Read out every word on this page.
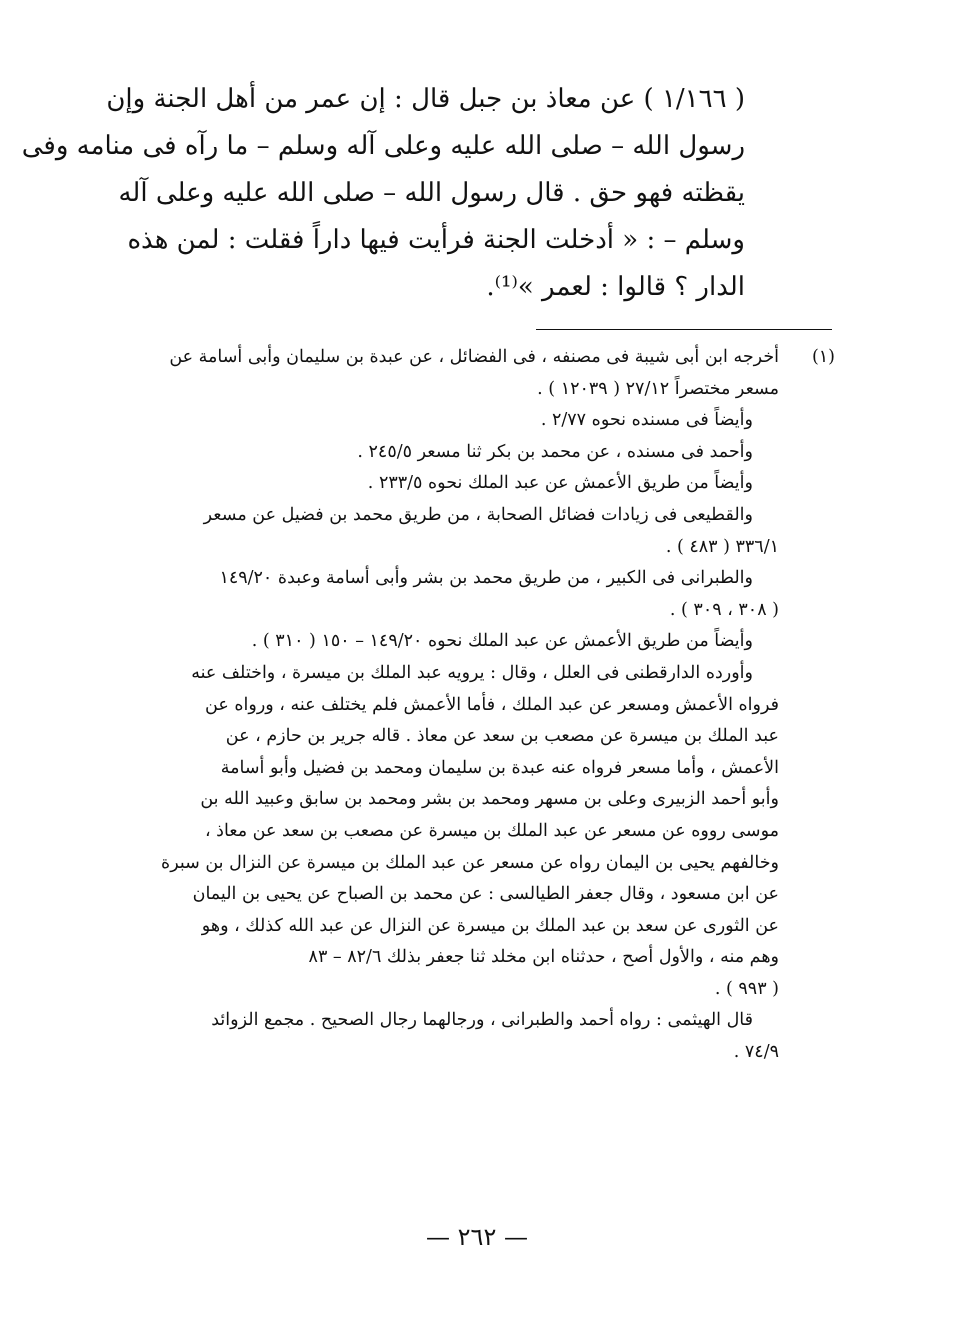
( ١/١٦٦ ) عن معاذ بن جبل قال : إن عمر من أهل الجنة وإن
رسول الله – صلى الله عليه وعلى آله وسلم – ما رآه فى منامه وفى
يقظته فهو حق . قال رسول الله – صلى الله عليه وعلى آله
وسلم – : « أدخلت الجنة فرأيت فيها داراً فقلت : لمن هذه
الدار ؟ قالوا : لعمر »⁽¹⁾.
(١)
أخرجه ابن أبى شيبة فى مصنفه ، فى الفضائل ، عن عبدة بن سليمان وأبى أسامة عن
مسعر مختصراً ٢٧/١٢ ( ١٢٠٣٩ ) .
وأيضاً فى مسنده نحوه ٢/٧٧ .
وأحمد فى مسنده ، عن محمد بن بكر ثنا مسعر ٢٤٥/٥ .
وأيضاً من طريق الأعمش عن عبد الملك نحوه ٢٣٣/٥ .
والقطيعى فى زيادات فضائل الصحابة ، من طريق محمد بن فضيل عن مسعر
٣٣٦/١ ( ٤٨٣ ) .
والطبرانى فى الكبير ، من طريق محمد بن بشر وأبى أسامة وعبدة ١٤٩/٢٠
( ٣٠٨ ، ٣٠٩ ) .
وأيضاً من طريق الأعمش عن عبد الملك نحوه ١٤٩/٢٠ – ١٥٠ ( ٣١٠ ) .
وأورده الدارقطنى فى العلل ، وقال : يرويه عبد الملك بن ميسرة ، واختلف عنه
فرواه الأعمش ومسعر عن عبد الملك ، فأما الأعمش فلم يختلف عنه ، ورواه عن
عبد الملك بن ميسرة عن مصعب بن سعد عن معاذ . قاله جرير بن حازم ، عن
الأعمش ، وأما مسعر فرواه عنه عبدة بن سليمان ومحمد بن فضيل وأبو أسامة
وأبو أحمد الزبيرى وعلى بن مسهر ومحمد بن بشر ومحمد بن سابق وعبيد الله بن
موسى رووه عن مسعر عن عبد الملك بن ميسرة عن مصعب بن سعد عن معاذ ،
وخالفهم يحيى بن اليمان رواه عن مسعر عن عبد الملك بن ميسرة عن النزال بن سبرة
عن ابن مسعود ، وقال جعفر الطيالسى : عن محمد بن الصباح عن يحيى بن اليمان
عن الثورى عن سعد بن عبد الملك بن ميسرة عن النزال عن عبد الله كذلك ، وهو
وهم منه ، والأول أصح ، حدثناه ابن مخلد ثنا جعفر بذلك ٨٢/٦ – ٨٣
( ٩٩٣ ) .
قال الهيثمى : رواه أحمد والطبرانى ، ورجالهما رجال الصحيح . مجمع الزوائد
٧٤/٩ .
— ٢٦٢ —
